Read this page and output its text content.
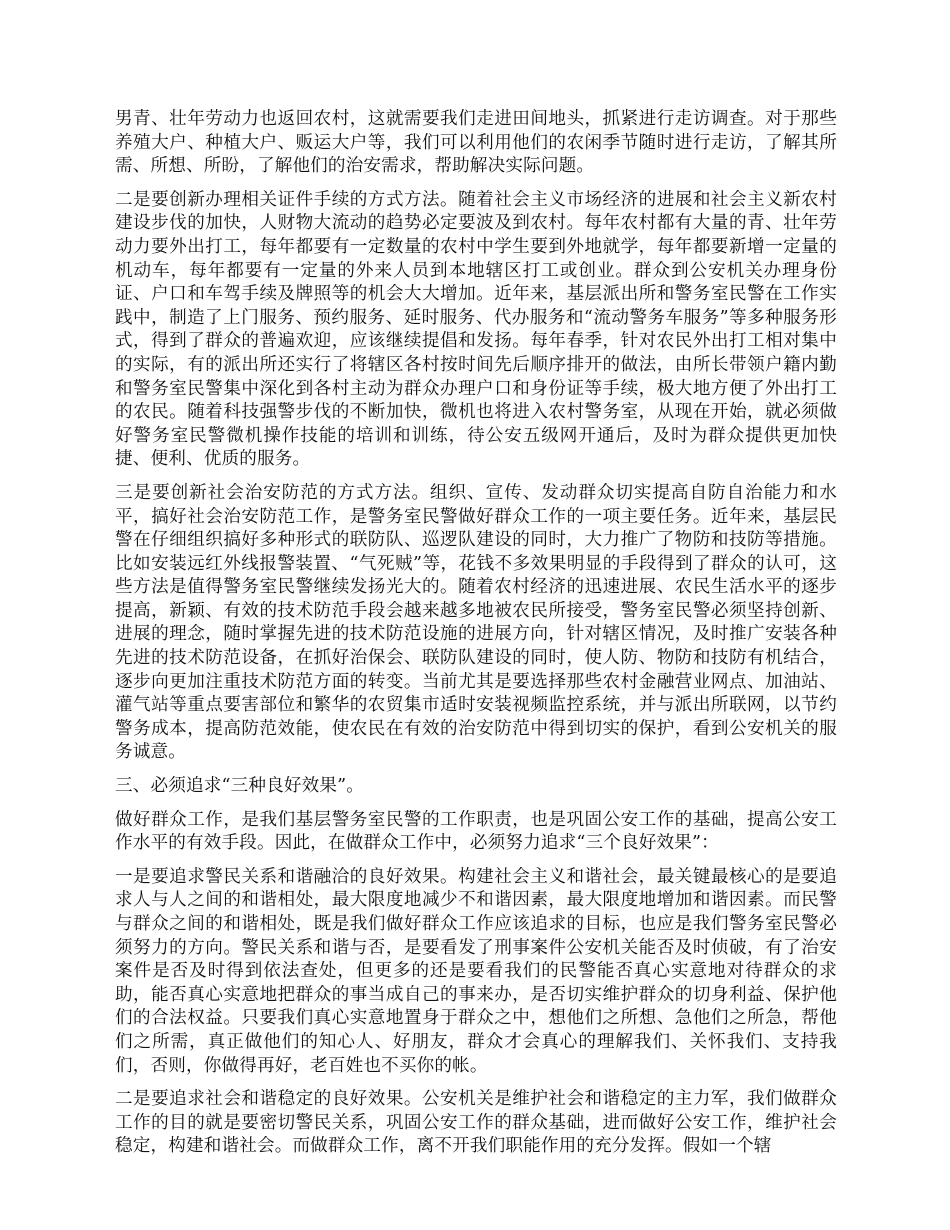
男青、壮年劳动力也返回农村，这就需要我们走进田间地头，抓紧进行走访调查。对于那些养殖大户、种植大户、贩运大户等，我们可以利用他们的农闲季节随时进行走访，了解其所需、所想、所盼，了解他们的治安需求，帮助解决实际问题。

二是要创新办理相关证件手续的方式方法。随着社会主义市场经济的进展和社会主义新农村建设步伐的加快，人财物大流动的趋势必定要波及到农村。每年农村都有大量的青、壮年劳动力要外出打工，每年都要有一定数量的农村中学生要到外地就学，每年都要新增一定量的机动车，每年都要有一定量的外来人员到本地辖区打工或创业。群众到公安机关办理身份证、户口和车驾手续及牌照等的机会大大增加。近年来，基层派出所和警务室民警在工作实践中，制造了上门服务、预约服务、延时服务、代办服务和“流动警务车服务”等多种服务形式，得到了群众的普遍欢迎，应该继续提倡和发扬。每年春季，针对农民外出打工相对集中的实际，有的派出所还实行了将辖区各村按时间先后顺序排开的做法，由所长带领户籍内勤和警务室民警集中深化到各村主动为群众办理户口和身份证等手续，极大地方便了外出打工的农民。随着科技强警步伐的不断加快，微机也将进入农村警务室，从现在开始，就必须做好警务室民警微机操作技能的培训和训练，待公安五级网开通后，及时为群众提供更加快捷、便利、优质的服务。

三是要创新社会治安防范的方式方法。组织、宣传、发动群众切实提高自防自治能力和水平，搞好社会治安防范工作，是警务室民警做好群众工作的一项主要任务。近年来，基层民警在仔细组织搞好多种形式的联防队、巡逻队建设的同时，大力推广了物防和技防等措施。比如安装远红外线报警装置、“气死贼”等，花钱不多效果明显的手段得到了群众的认可，这些方法是值得警务室民警继续发扬光大的。随着农村经济的迅速进展、农民生活水平的逐步提高，新颖、有效的技术防范手段会越来越多地被农民所接受，警务室民警必须坚持创新、进展的理念，随时掌握先进的技术防范设施的进展方向，针对辖区情况，及时推广安装各种先进的技术防范设备，在抓好治保会、联防队建设的同时，使人防、物防和技防有机结合，逐步向更加注重技术防范方面的转变。当前尤其是要选择那些农村金融营业网点、加油站、灌气站等重点要害部位和繁华的农贸集市适时安装视频监控系统，并与派出所联网，以节约警务成本，提高防范效能，使农民在有效的治安防范中得到切实的保护，看到公安机关的服务诚意。

三、必须追求“三种良好效果”。

做好群众工作，是我们基层警务室民警的工作职责，也是巩固公安工作的基础，提高公安工作水平的有效手段。因此，在做群众工作中，必须努力追求“三个良好效果”：

一是要追求警民关系和谐融洽的良好效果。构建社会主义和谐社会，最关键最核心的是要追求人与人之间的和谐相处，最大限度地减少不和谐因素，最大限度地增加和谐因素。而民警与群众之间的和谐相处，既是我们做好群众工作应该追求的目标，也应是我们警务室民警必须努力的方向。警民关系和谐与否，是要看发了刑事案件公安机关能否及时侦破，有了治安案件是否及时得到依法查处，但更多的还是要看我们的民警能否真心实意地对待群众的求助，能否真心实意地把群众的事当成自己的事来办，是否切实维护群众的切身利益、保护他们的合法权益。只要我们真心实意地置身于群众之中，想他们之所想、急他们之所急，帮他们之所需，真正做他们的知心人、好朋友，群众才会真心的理解我们、关怀我们、支持我们，否则，你做得再好，老百姓也不买你的帐。

二是要追求社会和谐稳定的良好效果。公安机关是维护社会和谐稳定的主力军，我们做群众工作的目的就是要密切警民关系，巩固公安工作的群众基础，进而做好公安工作，维护社会稳定，构建和谐社会。而做群众工作，离不开我们职能作用的充分发挥。假如一个辖
